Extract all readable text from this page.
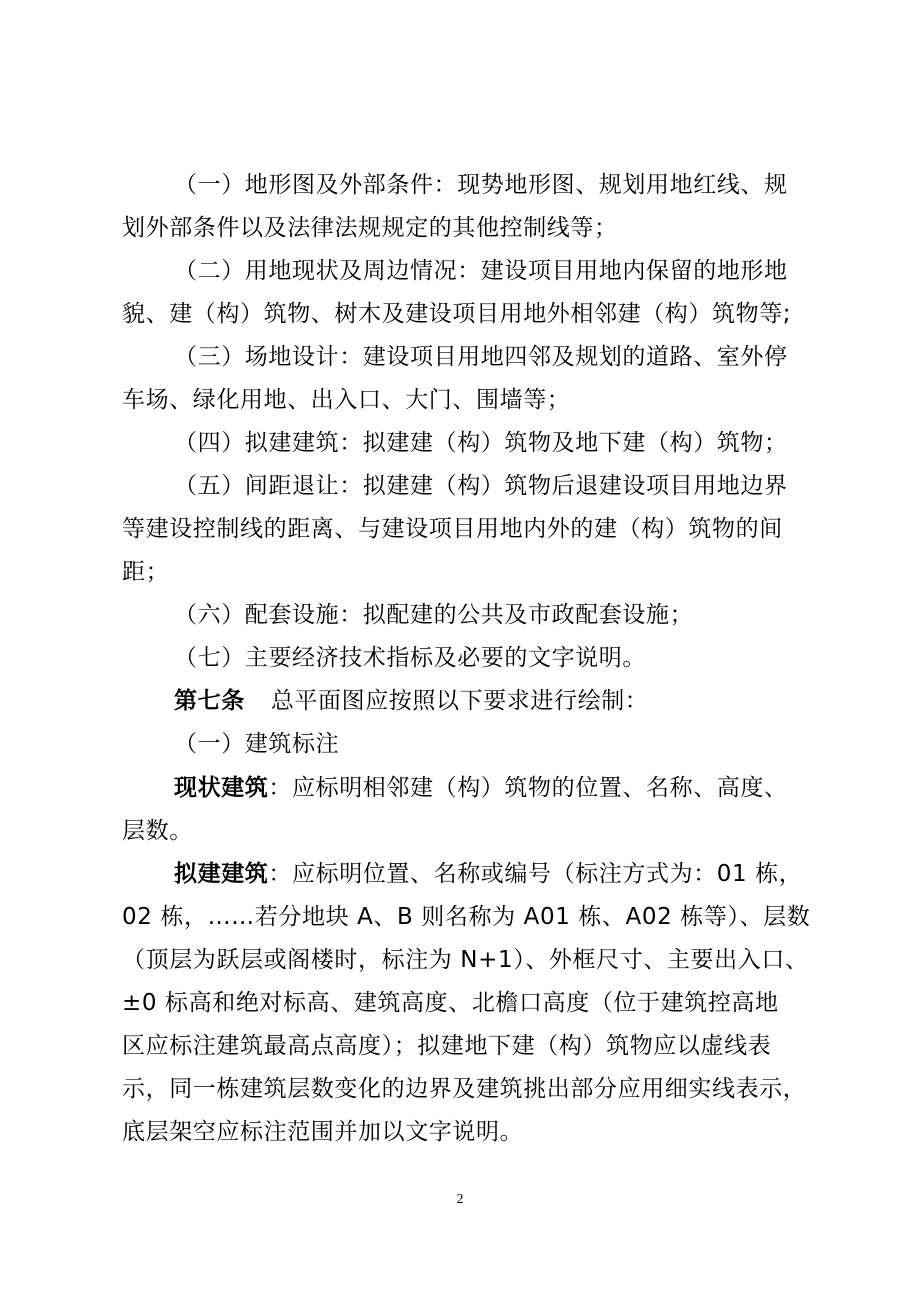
（一）地形图及外部条件：现势地形图、规划用地红线、规
划外部条件以及法律法规规定的其他控制线等；
（二）用地现状及周边情况：建设项目用地内保留的地形地
貌、建（构）筑物、树木及建设项目用地外相邻建（构）筑物等;
（三）场地设计：建设项目用地四邻及规划的道路、室外停
车场、绿化用地、出入口、大门、围墙等；
（四）拟建建筑：拟建建（构）筑物及地下建（构）筑物；
（五）间距退让：拟建建（构）筑物后退建设项目用地边界
等建设控制线的距离、与建设项目用地内外的建（构）筑物的间
距；
（六）配套设施：拟配建的公共及市政配套设施；
（七）主要经济技术指标及必要的文字说明。
第七条 总平面图应按照以下要求进行绘制：
（一）建筑标注
现状建筑：应标明相邻建（构）筑物的位置、名称、高度、
层数。
拟建建筑：应标明位置、名称或编号（标注方式为：01 栋，
02 栋，……若分地块 A、B 则名称为 A01 栋、A02 栋等）、层数
（顶层为跃层或阁楼时，标注为 N+1）、外框尺寸、主要出入口、
±0 标高和绝对标高、建筑高度、北檐口高度（位于建筑控高地
区应标注建筑最高点高度）；拟建地下建（构）筑物应以虚线表
示，同一栋建筑层数变化的边界及建筑挑出部分应用细实线表示，
底层架空应标注范围并加以文字说明。
2
